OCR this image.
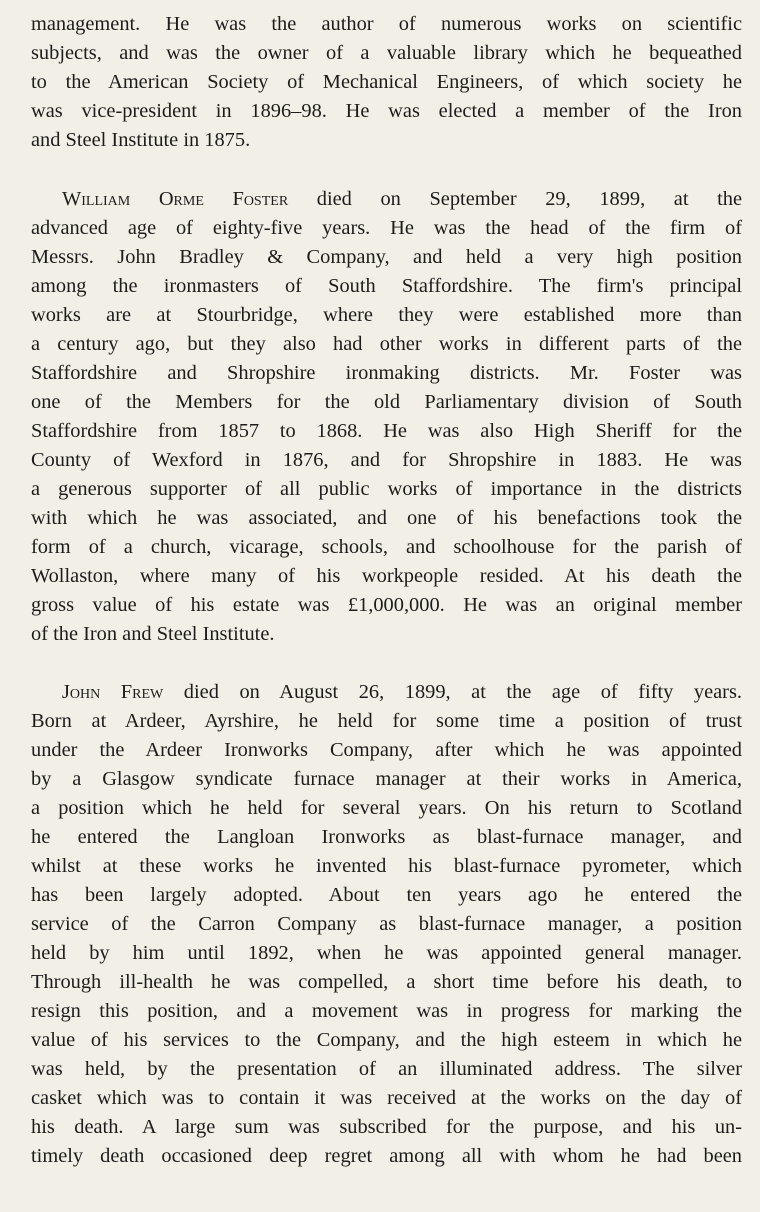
management. He was the author of numerous works on scientific
subjects, and was the owner of a valuable library which he bequeathed
to the American Society of Mechanical Engineers, of which society he
was vice-president in 1896–98. He was elected a member of the Iron
and Steel Institute in 1875.
William Orme Foster died on September 29, 1899, at the
advanced age of eighty-five years. He was the head of the firm of
Messrs. John Bradley & Company, and held a very high position
among the ironmasters of South Staffordshire. The firm's principal
works are at Stourbridge, where they were established more than
a century ago, but they also had other works in different parts of the
Staffordshire and Shropshire ironmaking districts. Mr. Foster was
one of the Members for the old Parliamentary division of South
Staffordshire from 1857 to 1868. He was also High Sheriff for the
County of Wexford in 1876, and for Shropshire in 1883. He was
a generous supporter of all public works of importance in the districts
with which he was associated, and one of his benefactions took the
form of a church, vicarage, schools, and schoolhouse for the parish of
Wollaston, where many of his workpeople resided. At his death the
gross value of his estate was £1,000,000. He was an original member
of the Iron and Steel Institute.
John Frew died on August 26, 1899, at the age of fifty years.
Born at Ardeer, Ayrshire, he held for some time a position of trust
under the Ardeer Ironworks Company, after which he was appointed
by a Glasgow syndicate furnace manager at their works in America,
a position which he held for several years. On his return to Scotland
he entered the Langloan Ironworks as blast-furnace manager, and
whilst at these works he invented his blast-furnace pyrometer, which
has been largely adopted. About ten years ago he entered the
service of the Carron Company as blast-furnace manager, a position
held by him until 1892, when he was appointed general manager.
Through ill-health he was compelled, a short time before his death, to
resign this position, and a movement was in progress for marking the
value of his services to the Company, and the high esteem in which he
was held, by the presentation of an illuminated address. The silver
casket which was to contain it was received at the works on the day of
his death. A large sum was subscribed for the purpose, and his un-
timely death occasioned deep regret among all with whom he had been
